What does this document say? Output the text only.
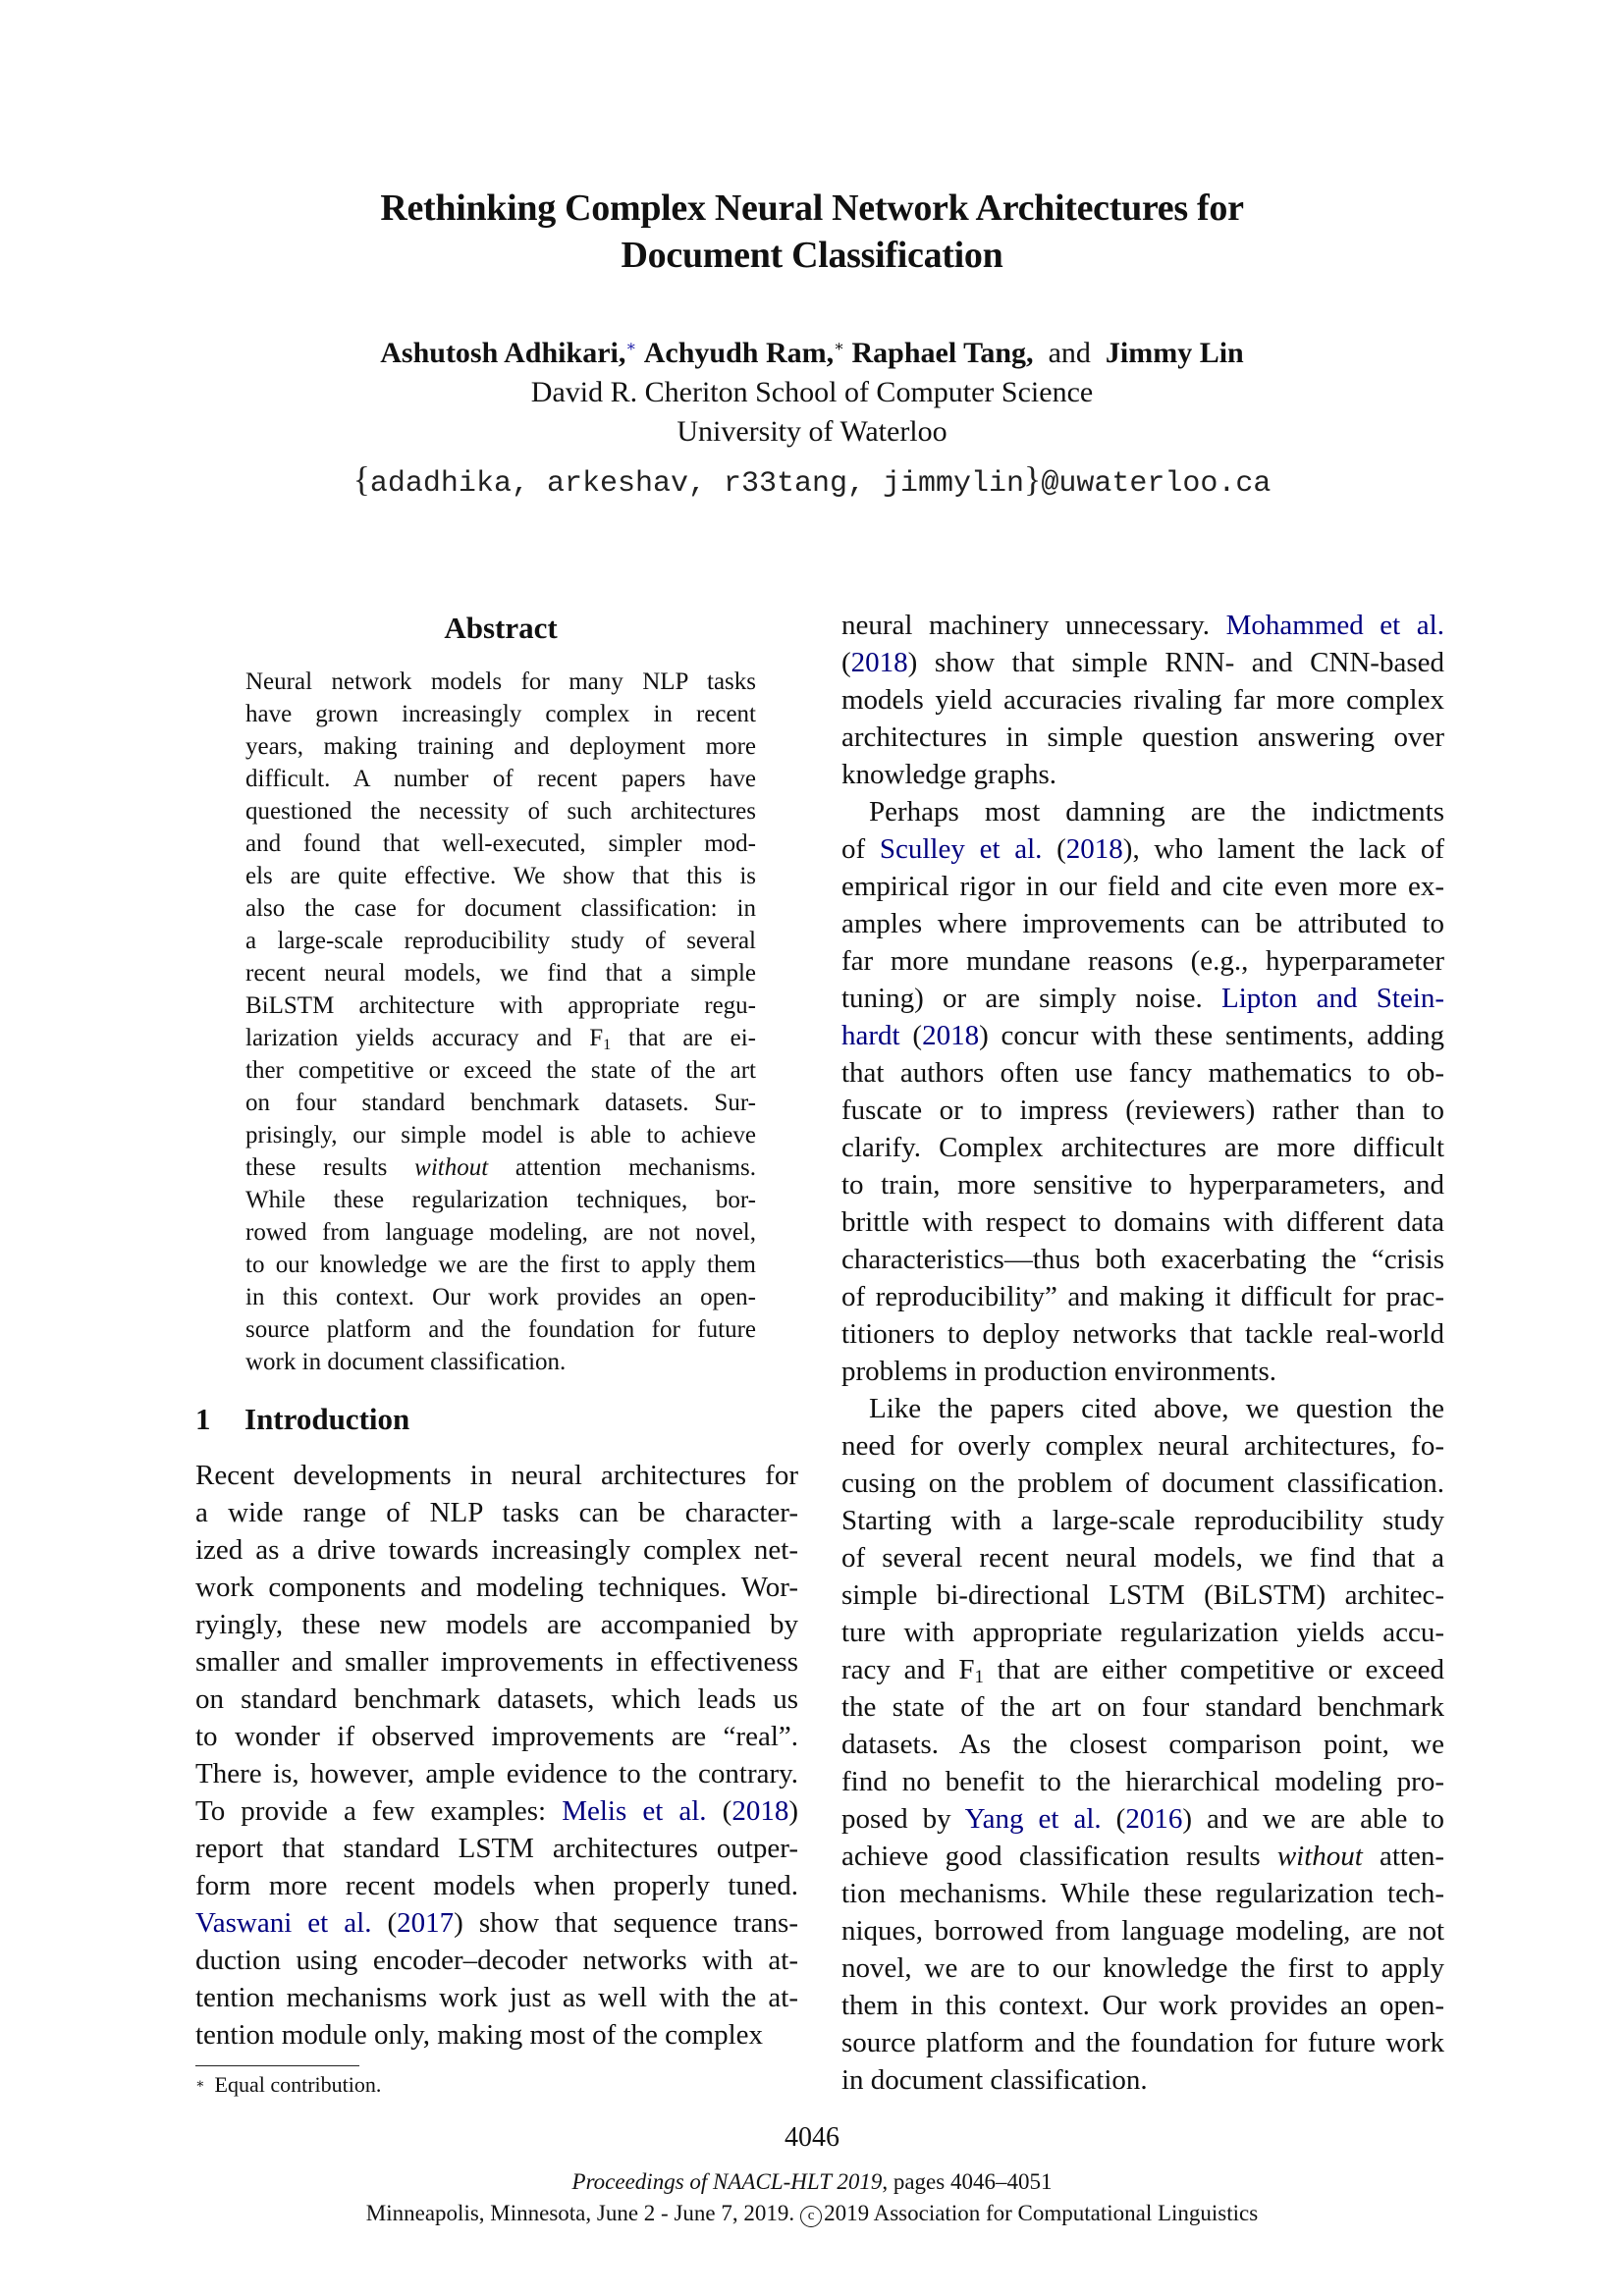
Rethinking Complex Neural Network Architectures for
Document Classification
Ashutosh Adhikari,∗ Achyudh Ram,∗ Raphael Tang, and Jimmy Lin
David R. Cheriton School of Computer Science
University of Waterloo
{adadhika, arkeshav, r33tang, jimmylin}@uwaterloo.ca
Abstract
Neural network models for many NLP tasks
have grown increasingly complex in recent
years, making training and deployment more
difficult. A number of recent papers have
questioned the necessity of such architectures
and found that well-executed, simpler mod-
els are quite effective. We show that this is
also the case for document classification: in
a large-scale reproducibility study of several
recent neural models, we find that a simple
BiLSTM architecture with appropriate regu-
larization yields accuracy and $F_1$ that are ei-
ther competitive or exceed the state of the art
on four standard benchmark datasets. Sur-
prisingly, our simple model is able to achieve
these results without attention mechanisms.
While these regularization techniques, bor-
rowed from language modeling, are not novel,
to our knowledge we are the first to apply them
in this context. Our work provides an open-
source platform and the foundation for future
work in document classification.
1 Introduction
Recent developments in neural architectures for
a wide range of NLP tasks can be character-
ized as a drive towards increasingly complex net-
work components and modeling techniques. Wor-
ryingly, these new models are accompanied by
smaller and smaller improvements in effectiveness
on standard benchmark datasets, which leads us
to wonder if observed improvements are “real”.
There is, however, ample evidence to the contrary.
To provide a few examples: Melis et al. (2018)
report that standard LSTM architectures outper-
form more recent models when properly tuned.
Vaswani et al. (2017) show that sequence trans-
duction using encoder–decoder networks with at-
tention mechanisms work just as well with the at-
tention module only, making most of the complex
neural machinery unnecessary. Mohammed et al.
(2018) show that simple RNN- and CNN-based
models yield accuracies rivaling far more complex
architectures in simple question answering over
knowledge graphs.
Perhaps most damning are the indictments
of Sculley et al. (2018), who lament the lack of
empirical rigor in our field and cite even more ex-
amples where improvements can be attributed to
far more mundane reasons (e.g., hyperparameter
tuning) or are simply noise. Lipton and Stein-
hardt (2018) concur with these sentiments, adding
that authors often use fancy mathematics to ob-
fuscate or to impress (reviewers) rather than to
clarify. Complex architectures are more difficult
to train, more sensitive to hyperparameters, and
brittle with respect to domains with different data
characteristics—thus both exacerbating the “crisis
of reproducibility” and making it difficult for prac-
titioners to deploy networks that tackle real-world
problems in production environments.
Like the papers cited above, we question the
need for overly complex neural architectures, fo-
cusing on the problem of document classification.
Starting with a large-scale reproducibility study
of several recent neural models, we find that a
simple bi-directional LSTM (BiLSTM) architec-
ture with appropriate regularization yields accu-
racy and $F_1$ that are either competitive or exceed
the state of the art on four standard benchmark
datasets. As the closest comparison point, we
find no benefit to the hierarchical modeling pro-
posed by Yang et al. (2016) and we are able to
achieve good classification results without atten-
tion mechanisms. While these regularization tech-
niques, borrowed from language modeling, are not
novel, we are to our knowledge the first to apply
them in this context. Our work provides an open-
source platform and the foundation for future work
in document classification.
∗ Equal contribution.
4046
Proceedings of NAACL-HLT 2019, pages 4046–4051
Minneapolis, Minnesota, June 2 - June 7, 2019. c 2019 Association for Computational Linguistics
